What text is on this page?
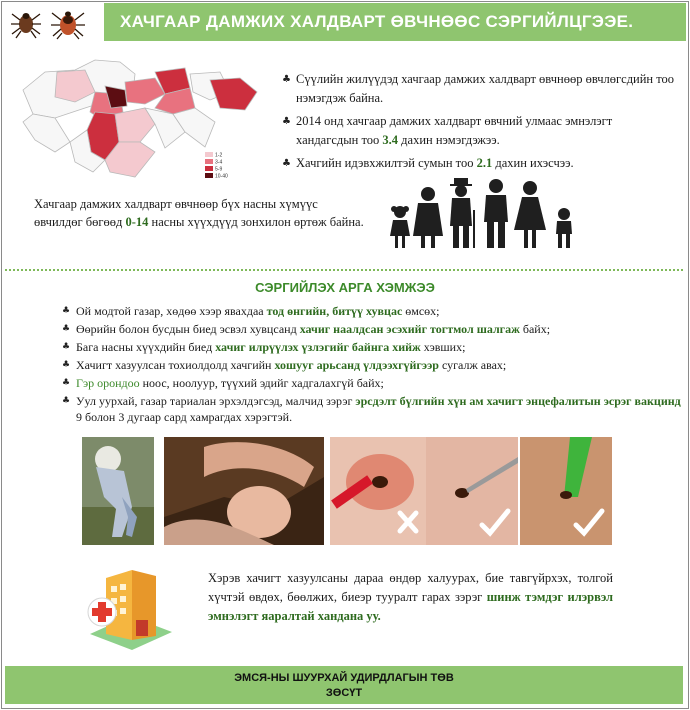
ХАЧГААР ДАМЖИХ ХАЛДВАРТ ӨВЧНӨӨС СЭРГИЙЛЦГЭЭЕ.
1-2
3-4
5-9
10-40
♣ Сүүлийн жилүүдэд хачгаар дамжих халдварт өвчнөөр өвчлөгсдийн тоо нэмэгдэж байна.
♣ 2014 онд хачгаар дамжих халдварт өвчний улмаас эмнэлэгт хандагсдын тоо 3.4 дахин нэмэгдэжээ.
♣ Хачгийн идэвхжилтэй сумын тоо 2.1 дахин ихэсчээ.
Хачгаар дамжих халдварт өвчнөөр бүх насны хүмүүс өвчилдөг бөгөөд 0-14 насны хүүхдүүд зонхилон өртөж байна.
СЭРГИЙЛЭХ АРГА ХЭМЖЭЭ
♣ Ой модтой газар, хөдөө хээр явахдаа тод өнгийн, битүү хувцас өмсөх;
♣ Өөрийн болон бусдын биед эсвэл хувцсанд хачиг наалдсан эсэхийг тогтмол шалгаж байх;
♣ Бага насны хүүхдийн биед хачиг илрүүлэх үзлэгийг байнга хийж хэвших;
♣ Хачигт хазуулсан тохиолдолд хачгийн хошууг арьсанд үлдээхгүйгээр сугалж авах;
♣ Гэр орондоо ноос, ноолуур, түүхий эдийг хадгалахгүй байх;
♣ Уул уурхай, газар тариалан эрхэлдэгсэд, малчид зэрэг эрсдэлт бүлгийн хүн ам хачигт энцефалитын эсрэг вакцинд 9 болон 3 дугаар сард хамрагдах хэрэгтэй.
Хэрэв хачигт хазуулсаны дараа өндөр халуурах, бие тавгүйрхэх, толгой хүчтэй өвдөх, бөөлжих, биеэр тууралт гарах зэрэг шинж тэмдэг илэрвэл эмнэлэгт яаралтай хандана уу.
ЭМСЯ-НЫ ШУУРХАЙ УДИРДЛАГЫН ТӨВ
ЗӨСҮТ
